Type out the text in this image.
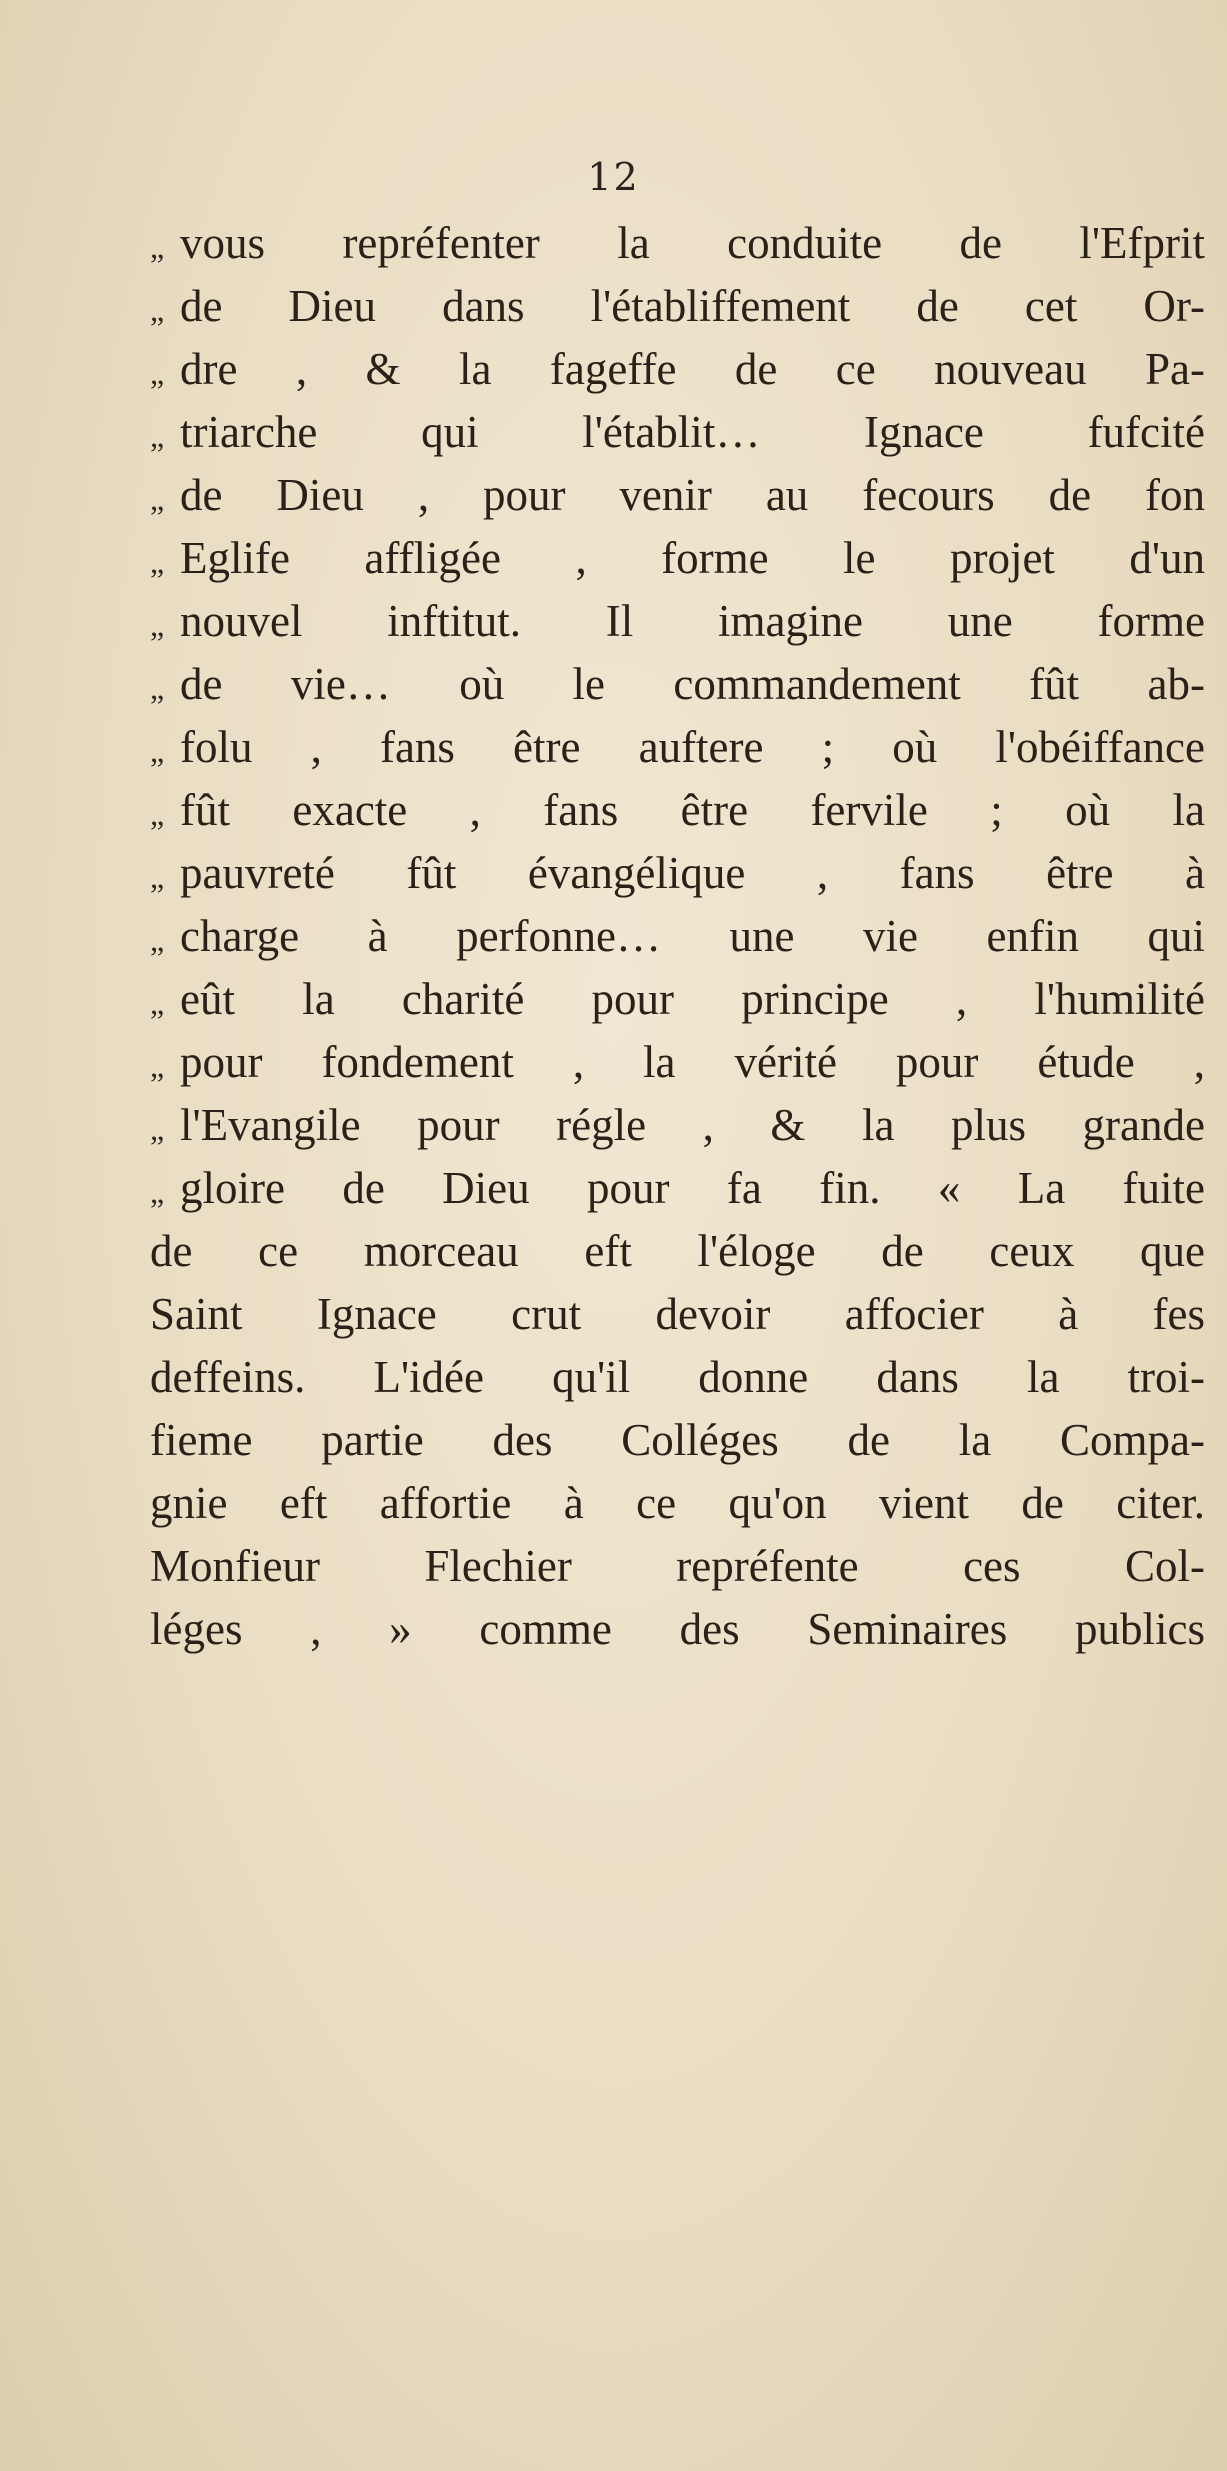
12
„ vous repréfenter la conduite de l'Efprit
„ de Dieu dans l'établiffement de cet Or-
„ dre , & la fageffe de ce nouveau Pa-
„ triarche qui l'établit… Ignace fufcité
„ de Dieu , pour venir au fecours de fon
„ Eglife affligée , forme le projet d'un
„ nouvel inftitut. Il imagine une forme
„ de vie… où le commandement fût ab-
„ folu , fans être auftere ; où l'obéiffance
„ fût exacte , fans être fervile ; où la
„ pauvreté fût évangélique , fans être à
„ charge à perfonne… une vie enfin qui
„ eût la charité pour principe , l'humilité
„ pour fondement , la vérité pour étude ,
„ l'Evangile pour régle , & la plus grande
„ gloire de Dieu pour fa fin. « La fuite
de ce morceau eft l'éloge de ceux que
Saint Ignace crut devoir affocier à fes
deffeins. L'idée qu'il donne dans la troi-
fieme partie des Colléges de la Compa-
gnie eft affortie à ce qu'on vient de citer.
Monfieur Flechier repréfente ces Col-
léges , » comme des Seminaires publics
